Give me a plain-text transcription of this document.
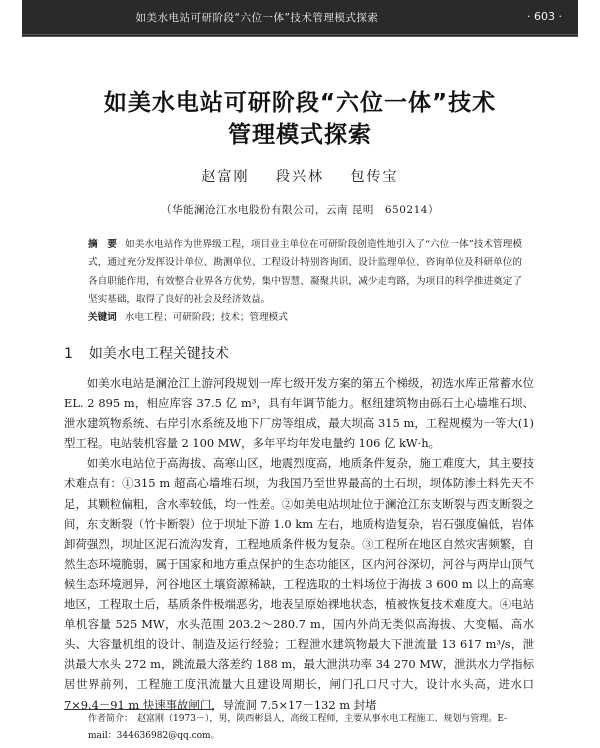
如美水电站可研阶段“六位一体”技术管理模式探索	· 603 ·
如美水电站可研阶段“六位一体”技术
管理模式探索
赵富刚 段兴林 包传宝
（华能澜沧江水电股份有限公司，云南 昆明　650214）
摘　要 如美水电站作为世界级工程，项目业主单位在可研阶段创造性地引入了“六位一体”技术管理模式，通过充分发挥设计单位、勘测单位、工程设计特别咨询团、设计监理单位、咨询单位及科研单位的各自职能作用，有效整合业界各方优势，集中智慧、凝聚共识，减少走弯路，为项目的科学推进奠定了坚实基础，取得了良好的社会及经济效益。
关键词 水电工程；可研阶段；技术；管理模式
1 如美水电工程关键技术

如美水电站是澜沧江上游河段规划一库七级开发方案的第五个梯级，初选水库正常蓄水位 EL. 2 895 m，相应库容 37.5 亿 m³，具有年调节能力。枢纽建筑物由砾石土心墙堆石坝、泄水建筑物系统、右岸引水系统及地下厂房等组成，最大坝高 315 m，工程规模为一等大(1)型工程。电站装机容量 2 100 MW，多年平均年发电量约 106 亿 kW·h。

如美水电站位于高海拔、高寒山区，地震烈度高，地质条件复杂，施工难度大，其主要技术难点有：①315 m 超高心墙堆石坝，为我国乃至世界最高的土石坝，坝体防渗土料先天不足，其颗粒偏粗，含水率较低，均一性差。②如美电站坝址位于澜沧江东支断裂与西支断裂之间，东支断裂（竹卡断裂）位于坝址下游 1.0 km 左右，地质构造复杂，岩石强度偏低，岩体卸荷强烈，坝址区泥石流沟发育，工程地质条件极为复杂。③工程所在地区自然灾害频繁，自然生态环境脆弱，属于国家和地方重点保护的生态功能区，区内河谷深切，河谷与两岸山顶气候生态环境迥异，河谷地区土壤资源稀缺，工程选取的土料场位于海拔 3 600 m 以上的高寒地区，工程取土后，基质条件极端恶劣，地表呈原始裸地状态，植被恢复技术难度大。④电站单机容量 525 MW，水头范围 203.2～280.7 m，国内外尚无类似高海拔、大变幅、高水头、大容量机组的设计、制造及运行经验；工程泄水建筑物最大下泄流量 13 617 m³/s，泄洪最大水头 272 m，跳流最大落差约 188 m，最大泄洪功率 34 270 MW，泄洪水力学指标居世界前列，工程施工度汛流量大且建设周期长，闸门孔口尺寸大，设计水头高，进水口 7×9.4－91 m 快速事故闸门，导流洞 7.5×17－132 m 封堵

作者简介： 赵富刚（1973－），男，陕西彬县人，高级工程师，主要从事水电工程施工、规划与管理。E-mail：344636982@qq.com。
